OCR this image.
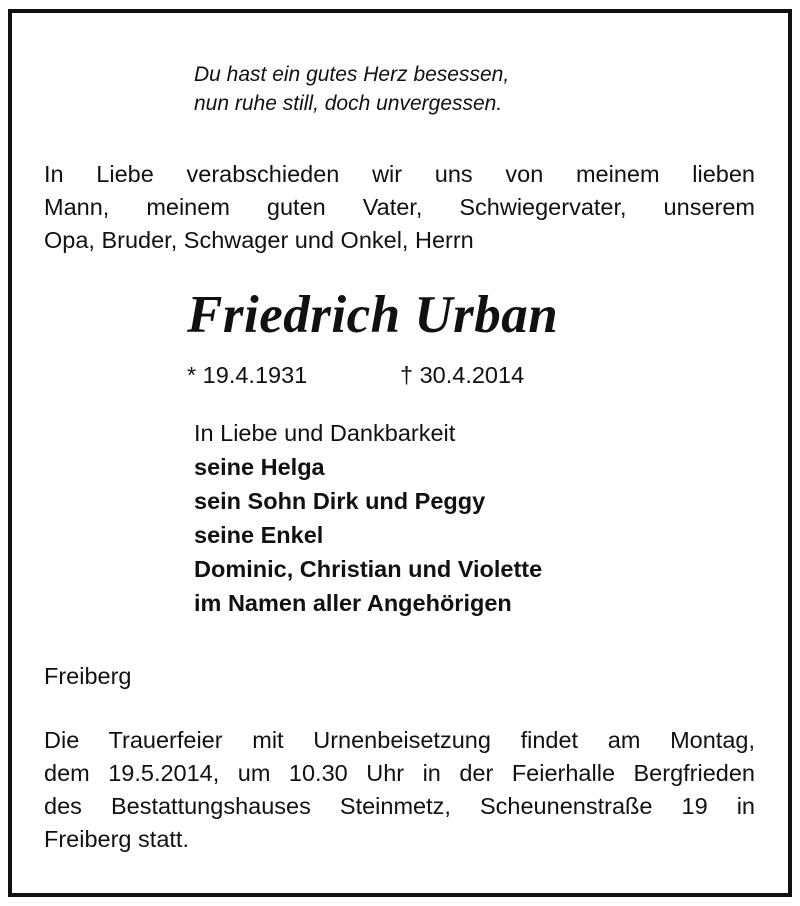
Du hast ein gutes Herz besessen,
nun ruhe still, doch unvergessen.

In Liebe verabschieden wir uns von meinem lieben
Mann, meinem guten Vater, Schwiegervater, unserem
Opa, Bruder, Schwager und Onkel, Herrn

Friedrich Urban
* 19.4.1931	† 30.4.2014

In Liebe und Dankbarkeit
seine Helga
sein Sohn Dirk und Peggy
seine Enkel
Dominic, Christian und Violette
im Namen aller Angehörigen

Freiberg

Die Trauerfeier mit Urnenbeisetzung findet am Montag,
dem 19.5.2014, um 10.30 Uhr in der Feierhalle Bergfrieden
des Bestattungshauses Steinmetz, Scheunenstraße 19 in
Freiberg statt.
